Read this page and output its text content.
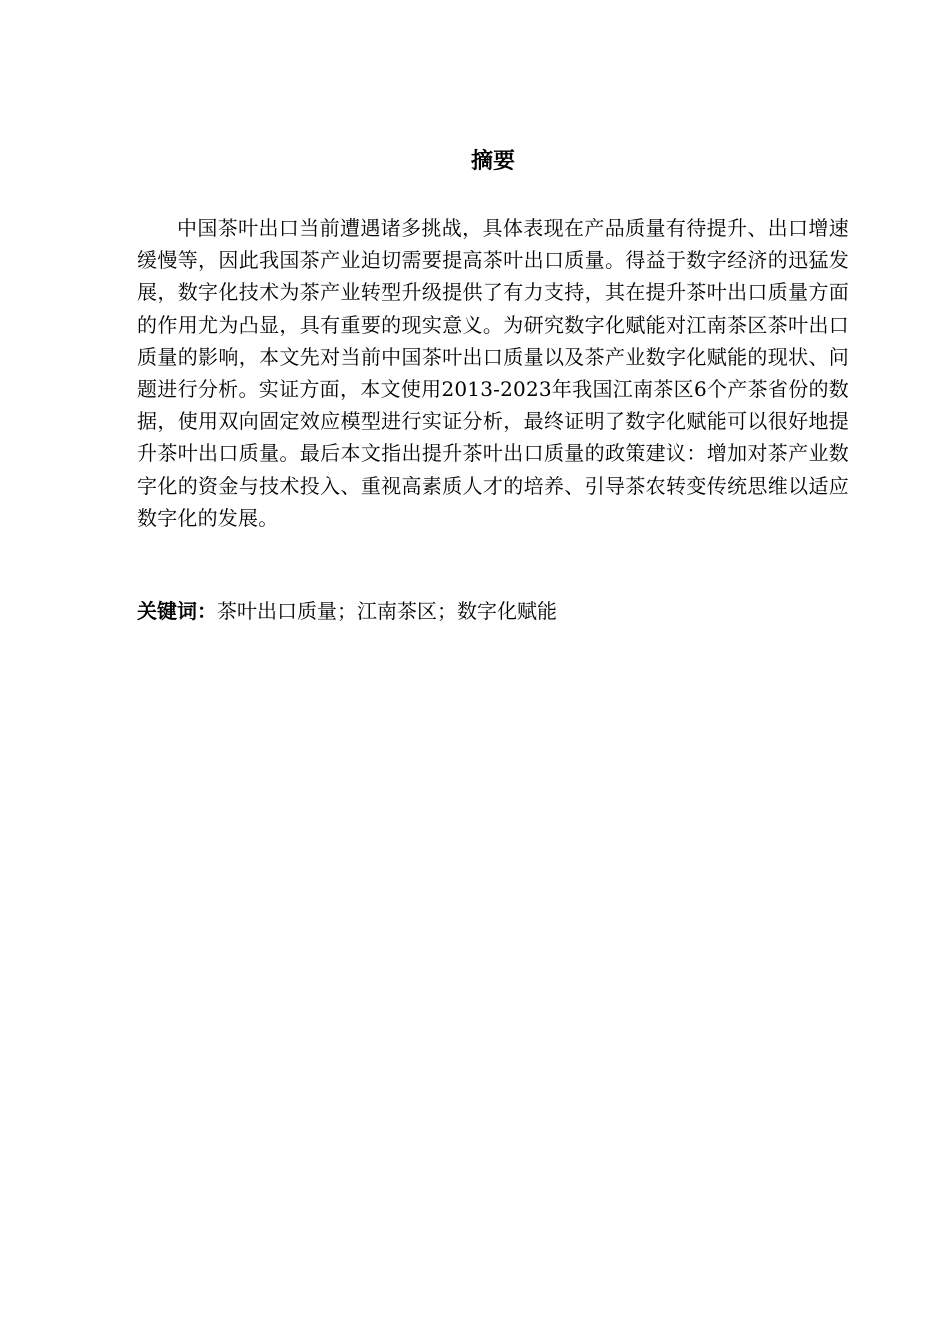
摘要

中国茶叶出口当前遭遇诸多挑战，具体表现在产品质量有待提升、出口增速缓慢等，因此我国茶产业迫切需要提高茶叶出口质量。得益于数字经济的迅猛发展，数字化技术为茶产业转型升级提供了有力支持，其在提升茶叶出口质量方面的作用尤为凸显，具有重要的现实意义。为研究数字化赋能对江南茶区茶叶出口质量的影响，本文先对当前中国茶叶出口质量以及茶产业数字化赋能的现状、问题进行分析。实证方面，本文使用2013-2023年我国江南茶区6个产茶省份的数据，使用双向固定效应模型进行实证分析，最终证明了数字化赋能可以很好地提升茶叶出口质量。最后本文指出提升茶叶出口质量的政策建议：增加对茶产业数字化的资金与技术投入、重视高素质人才的培养、引导茶农转变传统思维以适应数字化的发展。

关键词：茶叶出口质量；江南茶区；数字化赋能
